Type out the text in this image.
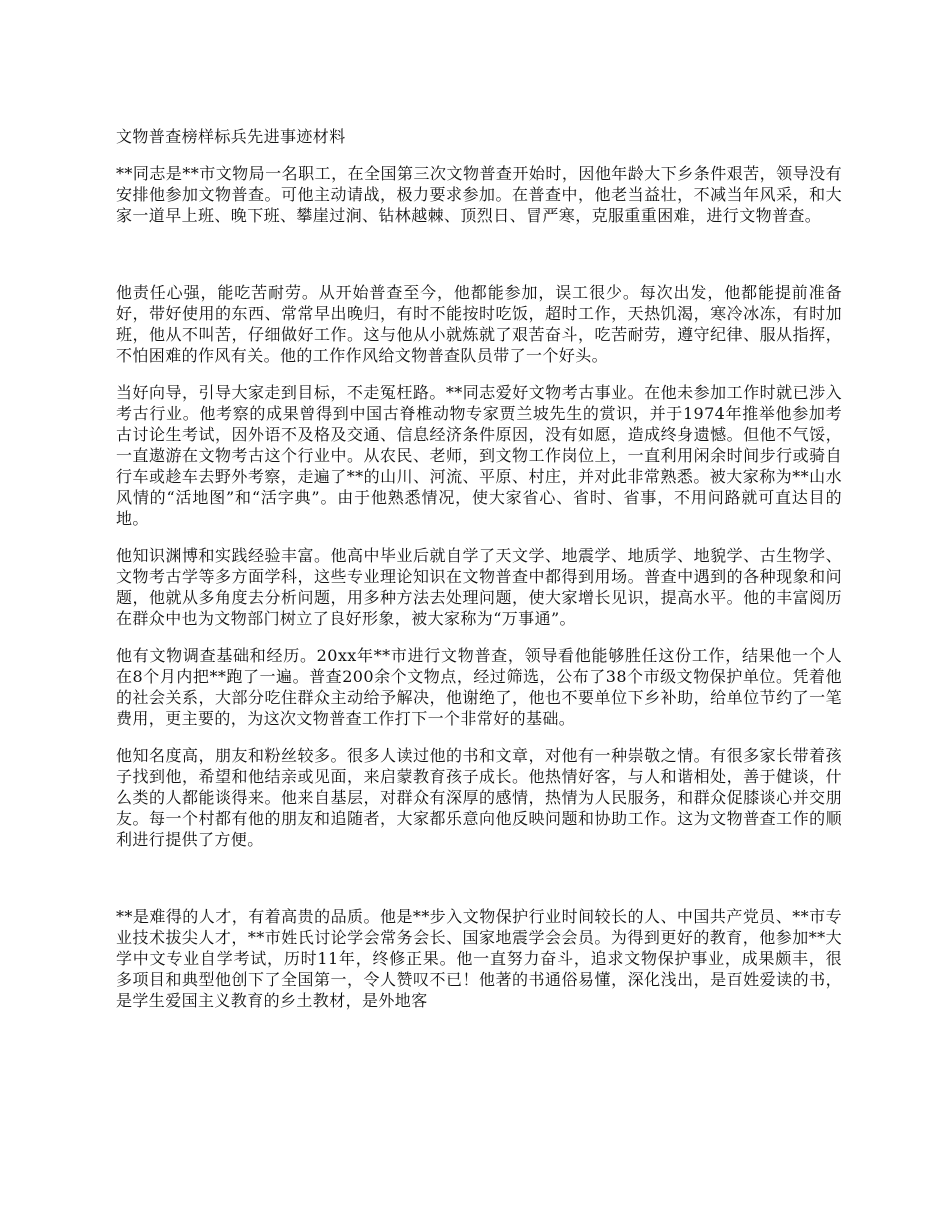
文物普查榜样标兵先进事迹材料

**同志是**市文物局一名职工，在全国第三次文物普查开始时，因他年龄大下乡条件艰苦，领导没有安排他参加文物普查。可他主动请战，极力要求参加。在普查中，他老当益壮，不减当年风采，和大家一道早上班、晚下班、攀崖过涧、钻林越棘、顶烈日、冒严寒，克服重重困难，进行文物普查。

他责任心强，能吃苦耐劳。从开始普查至今，他都能参加，误工很少。每次出发，他都能提前准备好，带好使用的东西、常常早出晚归，有时不能按时吃饭，超时工作，天热饥渴，寒冷冰冻，有时加班，他从不叫苦，仔细做好工作。这与他从小就炼就了艰苦奋斗，吃苦耐劳，遵守纪律、服从指挥，不怕困难的作风有关。他的工作作风给文物普查队员带了一个好头。

当好向导，引导大家走到目标，不走冤枉路。**同志爱好文物考古事业。在他未参加工作时就已涉入考古行业。他考察的成果曾得到中国古脊椎动物专家贾兰坡先生的赏识，并于1974年推举他参加考古讨论生考试，因外语不及格及交通、信息经济条件原因，没有如愿，造成终身遗憾。但他不气馁，一直遨游在文物考古这个行业中。从农民、老师，到文物工作岗位上，一直利用闲余时间步行或骑自行车或趁车去野外考察，走遍了**的山川、河流、平原、村庄，并对此非常熟悉。被大家称为**山水风情的“活地图”和“活字典”。由于他熟悉情况，使大家省心、省时、省事，不用问路就可直达目的地。

他知识渊博和实践经验丰富。他高中毕业后就自学了天文学、地震学、地质学、地貌学、古生物学、文物考古学等多方面学科，这些专业理论知识在文物普查中都得到用场。普查中遇到的各种现象和问题，他就从多角度去分析问题，用多种方法去处理问题，使大家增长见识，提高水平。他的丰富阅历在群众中也为文物部门树立了良好形象，被大家称为“万事通”。

他有文物调查基础和经历。20xx年**市进行文物普查，领导看他能够胜任这份工作，结果他一个人在8个月内把**跑了一遍。普查200余个文物点，经过筛选，公布了38个市级文物保护单位。凭着他的社会关系，大部分吃住群众主动给予解决，他谢绝了，他也不要单位下乡补助，给单位节约了一笔费用，更主要的，为这次文物普查工作打下一个非常好的基础。

他知名度高，朋友和粉丝较多。很多人读过他的书和文章，对他有一种崇敬之情。有很多家长带着孩子找到他，希望和他结亲或见面，来启蒙教育孩子成长。他热情好客，与人和谐相处，善于健谈，什么类的人都能谈得来。他来自基层，对群众有深厚的感情，热情为人民服务，和群众促膝谈心并交朋友。每一个村都有他的朋友和追随者，大家都乐意向他反映问题和协助工作。这为文物普查工作的顺利进行提供了方便。

**是难得的人才，有着高贵的品质。他是**步入文物保护行业时间较长的人、中国共产党员、**市专业技术拔尖人才，**市姓氏讨论学会常务会长、国家地震学会会员。为得到更好的教育，他参加**大学中文专业自学考试，历时11年，终修正果。他一直努力奋斗，追求文物保护事业，成果颇丰，很多项目和典型他创下了全国第一，令人赞叹不已！他著的书通俗易懂，深化浅出，是百姓爱读的书，是学生爱国主义教育的乡土教材，是外地客
